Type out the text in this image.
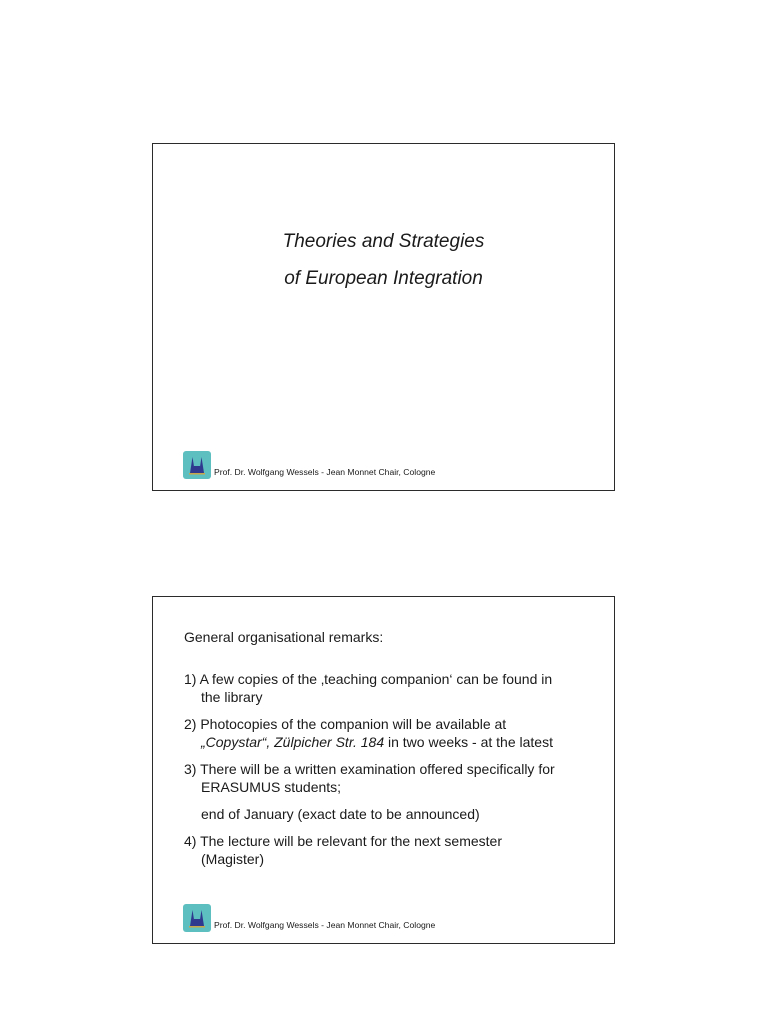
Theories and Strategies
of European Integration
Prof. Dr. Wolfgang Wessels - Jean Monnet Chair, Cologne
General organisational remarks:
1) A few copies of the ‚teaching companion‘ can be found in
the library
2) Photocopies of the companion will be available at
„Copystar“, Zülpicher Str. 184 in two weeks - at the latest
3) There will be a written examination offered specifically for
ERASUMUS students;
end of January (exact date to be announced)
4) The lecture will be relevant for the next semester
(Magister)
Prof. Dr. Wolfgang Wessels - Jean Monnet Chair, Cologne
